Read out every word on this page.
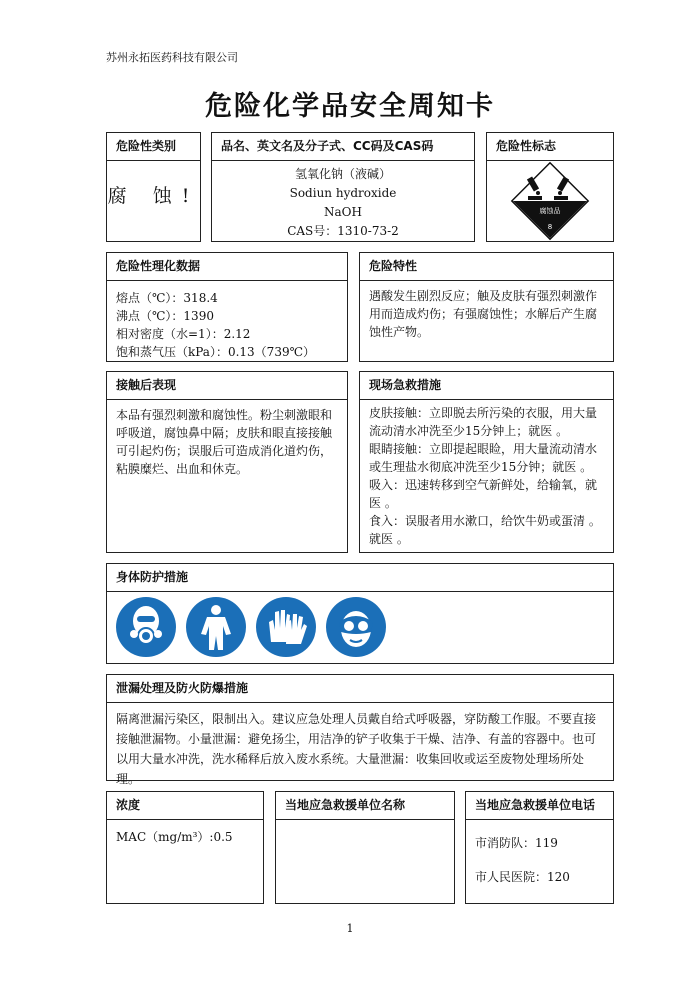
苏州永拓医药科技有限公司
危险化学品安全周知卡
危险性类别
腐 蚀!
品名、英文名及分子式、CC码及CAS码
氢氧化钠（液碱）
Sodiun hydroxide
NaOH
CAS号：1310-73-2
危险性标志
腐蚀品
8
危险性理化数据
熔点（℃）：318.4
沸点（℃）：1390
相对密度（水=1）：2.12
饱和蒸气压（kPa）：0.13（739℃）
危险特性
遇酸发生剧烈反应；触及皮肤有强烈刺激作用而造成灼伤；有强腐蚀性；水解后产生腐蚀性产物。
接触后表现
本品有强烈刺激和腐蚀性。粉尘刺激眼和呼吸道，腐蚀鼻中隔；皮肤和眼直接接触可引起灼伤；误服后可造成消化道灼伤，粘膜糜烂、出血和休克。
现场急救措施
皮肤接触：立即脱去所污染的衣服，用大量流动清水冲洗至少15分钟上；就医 。
眼睛接触：立即提起眼睑，用大量流动清水或生理盐水彻底冲洗至少15分钟；就医 。
吸入：迅速转移到空气新鲜处，给输氧，就医 。
食入：误服者用水漱口，给饮牛奶或蛋清 。就医 。
身体防护措施
泄漏处理及防火防爆措施
隔离泄漏污染区，限制出入。建议应急处理人员戴自给式呼吸器，穿防酸工作服。不要直接接触泄漏物。小量泄漏：避免扬尘，用洁净的铲子收集于干燥、洁净、有盖的容器中。也可以用大量水冲洗，洗水稀释后放入废水系统。大量泄漏：收集回收或运至废物处理场所处理。
浓度
MAC（mg/m³）:0.5
当地应急救援单位名称	当地应急救援单位电话
市消防队：119
市人民医院：120
1
